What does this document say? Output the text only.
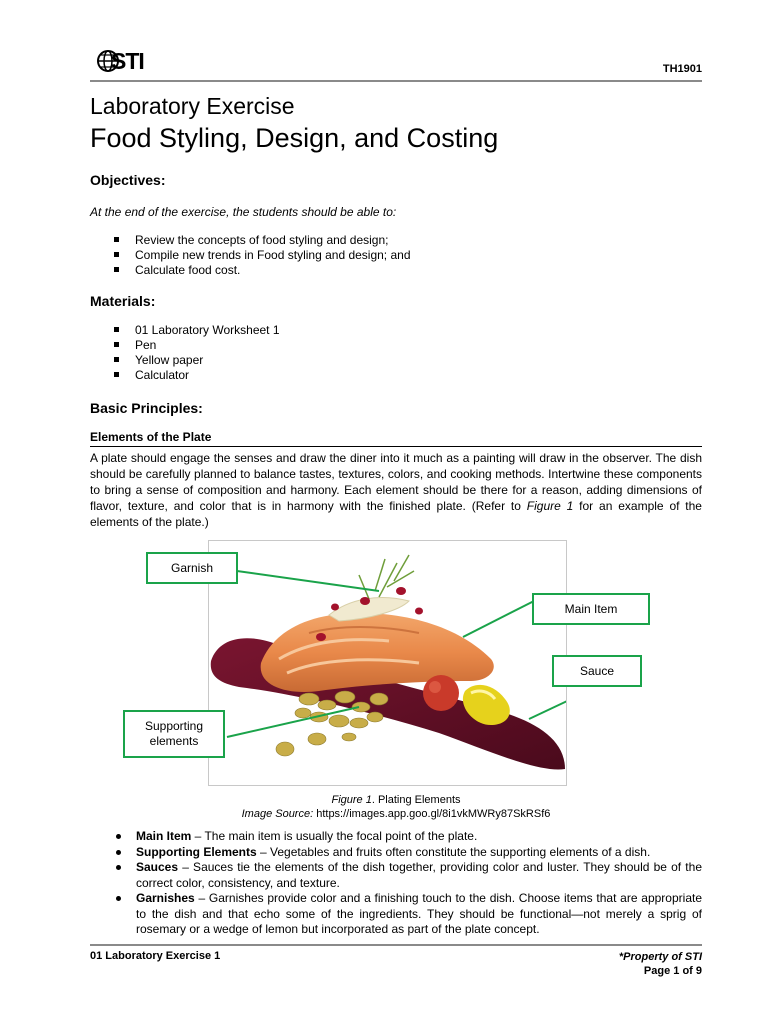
STI	TH1901
Laboratory Exercise
Food Styling, Design, and Costing
Objectives:
At the end of the exercise, the students should be able to:
Review the concepts of food styling and design;
Compile new trends in Food styling and design; and
Calculate food cost.
Materials:
01 Laboratory Worksheet 1
Pen
Yellow paper
Calculator
Basic Principles:
Elements of the Plate
A plate should engage the senses and draw the diner into it much as a painting will draw in the observer. The dish should be carefully planned to balance tastes, textures, colors, and cooking methods. Intertwine these components to bring a sense of composition and harmony. Each element should be there for a reason, adding dimensions of flavor, texture, and color that is in harmony with the finished plate. (Refer to Figure 1 for an example of the elements of the plate.)
Garnish
Main Item
Sauce
Supporting
elements
Figure 1. Plating Elements
Image Source: https://images.app.goo.gl/8i1vkMWRy87SkRSf6
Main Item – The main item is usually the focal point of the plate.
Supporting Elements – Vegetables and fruits often constitute the supporting elements of a dish.
Sauces – Sauces tie the elements of the dish together, providing color and luster. They should be of the correct color, consistency, and texture.
Garnishes – Garnishes provide color and a finishing touch to the dish. Choose items that are appropriate to the dish and that echo some of the ingredients. They should be functional—not merely a sprig of rosemary or a wedge of lemon but incorporated as part of the plate concept.
01 Laboratory Exercise 1	*Property of STI
Page 1 of 9
